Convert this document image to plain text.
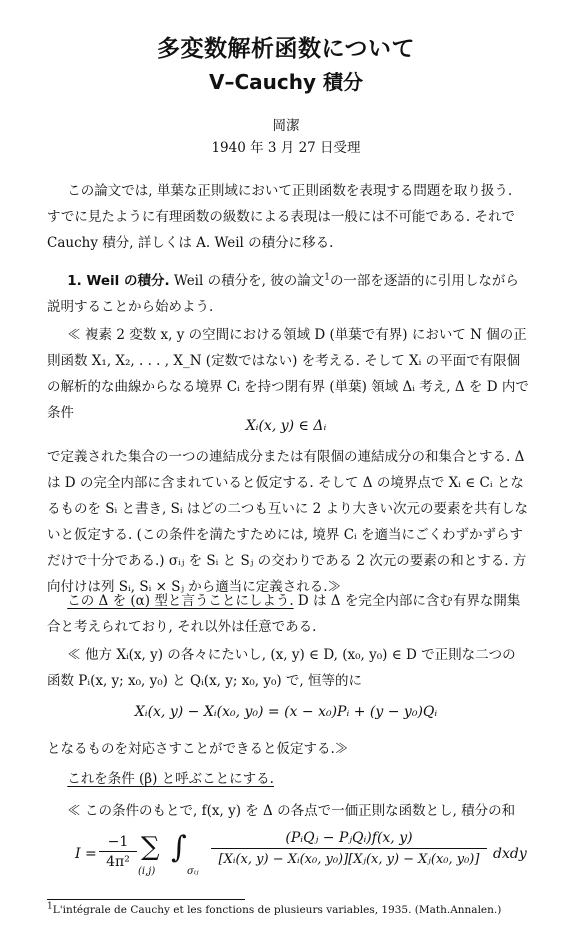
多変数解析函数について
V–Cauchy 積分
岡潔
1940 年 3 月 27 日受理
この論文では, 単葉な正則域において正則函数を表現する問題を取り扱う. すでに見たように有理函数の級数による表現は一般には不可能である. それで Cauchy 積分, 詳しくは A. Weil の積分に移る.
1. Weil の積分. Weil の積分を, 彼の論文$^1$の一部を逐語的に引用しながら説明することから始めよう.
≪ 複素 2 変数 x, y の空間における領域 D (単葉で有界) において N 個の正則函数 X₁, X₂, . . . , X_N (定数ではない) を考える. そして Xᵢ の平面で有限個の解析的な曲線からなる境界 Cᵢ を持つ閉有界 (単葉) 領域 Δᵢ 考え, Δ を D 内で条件
Xᵢ(x, y) ∈ Δᵢ
で定義された集合の一つの連結成分または有限個の連結成分の和集合とする. Δ は D の完全内部に含まれていると仮定する. そして Δ の境界点で Xᵢ ∈ Cᵢ となるものを Sᵢ と書き, Sᵢ はどの二つも互いに 2 より大きい次元の要素を共有しないと仮定する. (この条件を満たすためには, 境界 Cᵢ を適当にごくわずかずらすだけで十分である.) σᵢⱼ を Sᵢ と Sⱼ の交わりである 2 次元の要素の和とする. 方向付けは列 Sᵢ, Sᵢ × Sⱼ から適当に定義される.≫
この Δ を (α) 型と言うことにしよう. D は Δ を完全内部に含む有界な開集合と考えられており, それ以外は任意である.
≪ 他方 Xᵢ(x, y) の各々にたいし, (x, y) ∈ D, (x₀, y₀) ∈ D で正則な二つの函数 Pᵢ(x, y; x₀, y₀) と Qᵢ(x, y; x₀, y₀) で, 恒等的に
Xᵢ(x, y) − Xᵢ(x₀, y₀) = (x − x₀)Pᵢ + (y − y₀)Qᵢ
となるものを対応さすことができると仮定する.≫
これを条件 (β) と呼ぶことにする.
≪ この条件のもとで, f(x, y) を Δ の各点で一価正則な函数とし, 積分の和
$I = \frac{-1}{\text{4π²}}$ ∑
(i,j)
∫
σᵢⱼ
(PᵢQⱼ − PⱼQᵢ)f(x, y)
[Xᵢ(x, y) − Xᵢ(x₀, y₀)][Xⱼ(x, y) − Xⱼ(x₀, y₀)] dxdy
$^1$L'intégrale de Cauchy et les fonctions de plusieurs variables, 1935. (Math.Annalen.)
